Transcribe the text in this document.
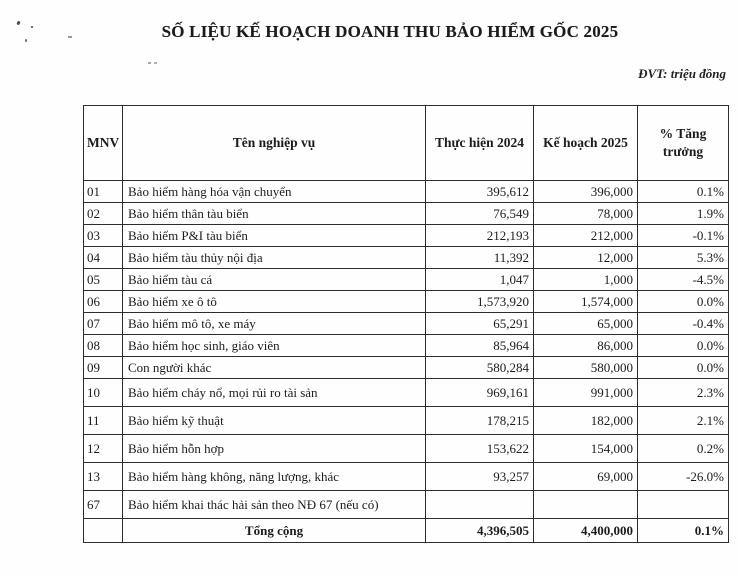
SỐ LIỆU KẾ HOẠCH DOANH THU BẢO HIỂM GỐC 2025
ĐVT: triệu đồng
MNV	Tên nghiệp vụ	Thực hiện 2024	Kế hoạch 2025	% Tăng trưởng
01	Bảo hiểm hàng hóa vận chuyển	395,612	396,000	0.1%
02	Bảo hiểm thân tàu biển	76,549	78,000	1.9%
03	Bảo hiểm P&I tàu biển	212,193	212,000	-0.1%
04	Bảo hiểm tàu thủy nội địa	11,392	12,000	5.3%
05	Bảo hiểm tàu cá	1,047	1,000	-4.5%
06	Bảo hiểm xe ô tô	1,573,920	1,574,000	0.0%
07	Bảo hiểm mô tô, xe máy	65,291	65,000	-0.4%
08	Bảo hiểm học sinh, giáo viên	85,964	86,000	0.0%
09	Con người khác	580,284	580,000	0.0%
10	Bảo hiểm cháy nổ, mọi rủi ro tài sản	969,161	991,000	2.3%
11	Bảo hiểm kỹ thuật	178,215	182,000	2.1%
12	Bảo hiểm hỗn hợp	153,622	154,000	0.2%
13	Bảo hiểm hàng không, năng lượng, khác	93,257	69,000	-26.0%
67	Bảo hiểm khai thác hải sản theo NĐ 67 (nếu có)			
	Tổng cộng	4,396,505	4,400,000	0.1%
